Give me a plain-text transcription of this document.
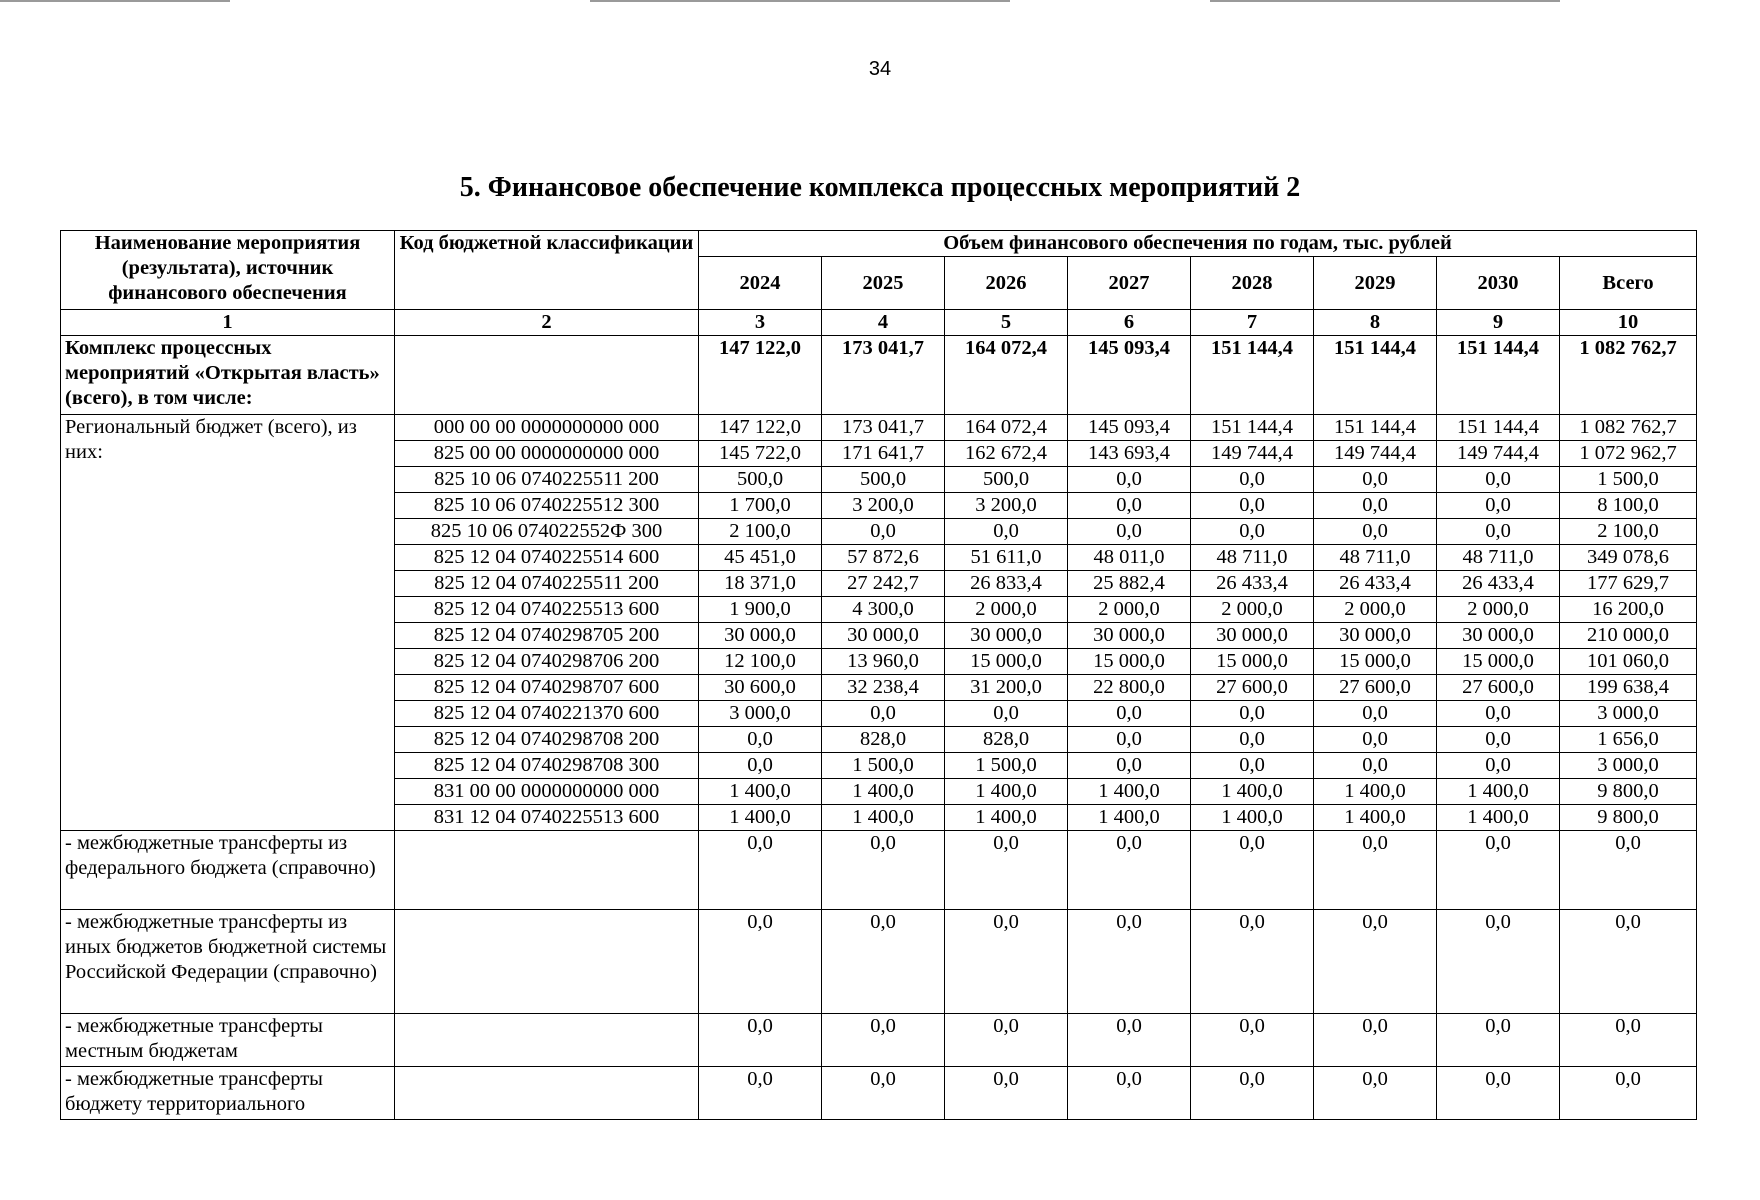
34
5. Финансовое обеспечение комплекса процессных мероприятий 2
Наименование мероприятия (результата), источник финансового обеспечения	Код бюджетной классификации	Объем финансового обеспечения по годам, тыс. рублей							
		2024	2025	2026	2027	2028	2029	2030	Всего
1	2	3	4	5	6	7	8	9	10
Комплекс процессных мероприятий «Открытая власть» (всего), в том числе:		147 122,0	173 041,7	164 072,4	145 093,4	151 144,4	151 144,4	151 144,4	1 082 762,7
Региональный бюджет (всего), из них:	000 00 00 0000000000 000	147 122,0	173 041,7	164 072,4	145 093,4	151 144,4	151 144,4	151 144,4	1 082 762,7
	825 00 00 0000000000 000	145 722,0	171 641,7	162 672,4	143 693,4	149 744,4	149 744,4	149 744,4	1 072 962,7
	825 10 06 0740225511 200	500,0	500,0	500,0	0,0	0,0	0,0	0,0	1 500,0
	825 10 06 0740225512 300	1 700,0	3 200,0	3 200,0	0,0	0,0	0,0	0,0	8 100,0
	825 10 06 074022552Ф 300	2 100,0	0,0	0,0	0,0	0,0	0,0	0,0	2 100,0
	825 12 04 0740225514 600	45 451,0	57 872,6	51 611,0	48 011,0	48 711,0	48 711,0	48 711,0	349 078,6
	825 12 04 0740225511 200	18 371,0	27 242,7	26 833,4	25 882,4	26 433,4	26 433,4	26 433,4	177 629,7
	825 12 04 0740225513 600	1 900,0	4 300,0	2 000,0	2 000,0	2 000,0	2 000,0	2 000,0	16 200,0
	825 12 04 0740298705 200	30 000,0	30 000,0	30 000,0	30 000,0	30 000,0	30 000,0	30 000,0	210 000,0
	825 12 04 0740298706 200	12 100,0	13 960,0	15 000,0	15 000,0	15 000,0	15 000,0	15 000,0	101 060,0
	825 12 04 0740298707 600	30 600,0	32 238,4	31 200,0	22 800,0	27 600,0	27 600,0	27 600,0	199 638,4
	825 12 04 0740221370 600	3 000,0	0,0	0,0	0,0	0,0	0,0	0,0	3 000,0
	825 12 04 0740298708 200	0,0	828,0	828,0	0,0	0,0	0,0	0,0	1 656,0
	825 12 04 0740298708 300	0,0	1 500,0	1 500,0	0,0	0,0	0,0	0,0	3 000,0
	831 00 00 0000000000 000	1 400,0	1 400,0	1 400,0	1 400,0	1 400,0	1 400,0	1 400,0	9 800,0
	831 12 04 0740225513 600	1 400,0	1 400,0	1 400,0	1 400,0	1 400,0	1 400,0	1 400,0	9 800,0
- межбюджетные трансферты из федерального бюджета (справочно)		0,0	0,0	0,0	0,0	0,0	0,0	0,0	0,0
- межбюджетные трансферты из иных бюджетов бюджетной системы Российской Федерации (справочно)		0,0	0,0	0,0	0,0	0,0	0,0	0,0	0,0
- межбюджетные трансферты местным бюджетам		0,0	0,0	0,0	0,0	0,0	0,0	0,0	0,0
- межбюджетные трансферты бюджету территориального		0,0	0,0	0,0	0,0	0,0	0,0	0,0	0,0
